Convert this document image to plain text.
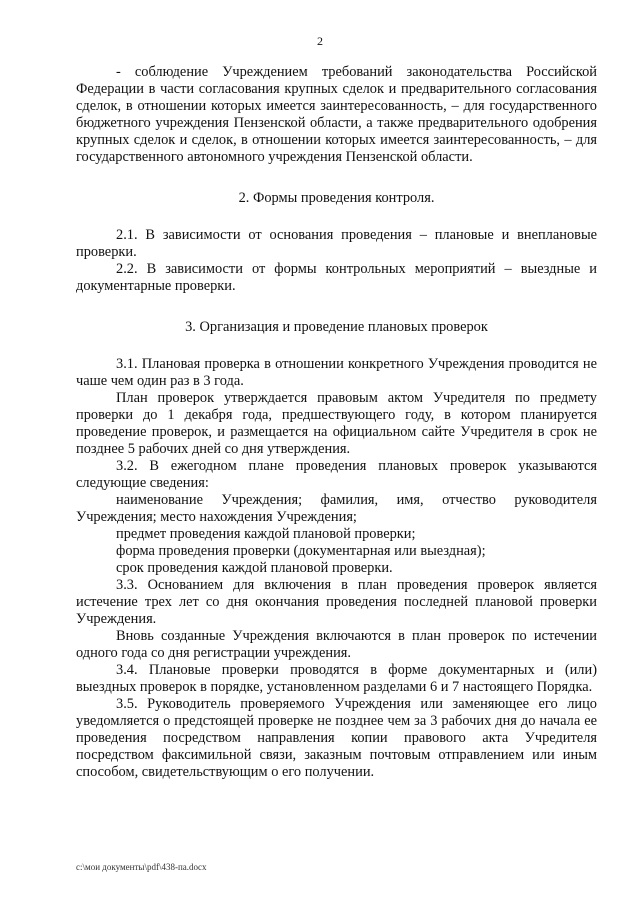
2

- соблюдение Учреждением требований законодательства Российской Федерации в части согласования крупных сделок и предварительного согласования сделок, в отношении которых имеется заинтересованность, – для государственного бюджетного учреждения Пензенской области, а также предварительного одобрения крупных сделок и сделок, в отношении которых имеется заинтересованность, – для государственного автономного учреждения Пензенской области.

2. Формы проведения контроля.

2.1. В зависимости от основания проведения – плановые и внеплановые проверки.

2.2. В зависимости от формы контрольных мероприятий – выездные и документарные проверки.

3. Организация и проведение плановых проверок

3.1. Плановая проверка в отношении конкретного Учреждения проводится не чаше чем один раз в 3 года.

План проверок утверждается правовым актом Учредителя по предмету проверки до 1 декабря года, предшествующего году, в котором планируется проведение проверок, и размещается на официальном сайте Учредителя в срок не позднее 5 рабочих дней со дня утверждения.

3.2. В ежегодном плане проведения плановых проверок указываются следующие сведения:

наименование Учреждения; фамилия, имя, отчество руководителя Учреждения; место нахождения Учреждения;

предмет проведения каждой плановой проверки;

форма проведения проверки (документарная или выездная);

срок проведения каждой плановой проверки.

3.3. Основанием для включения в план проведения проверок является истечение трех лет со дня окончания проведения последней плановой проверки Учреждения.

Вновь созданные Учреждения включаются в план проверок по истечении одного года со дня регистрации учреждения.

3.4. Плановые проверки проводятся в форме документарных и (или) выездных проверок в порядке, установленном разделами 6 и 7 настоящего Порядка.

3.5. Руководитель проверяемого Учреждения или заменяющее его лицо уведомляется о предстоящей проверке не позднее чем за 3 рабочих дня до начала ее проведения посредством направления копии правового акта Учредителя посредством факсимильной связи, заказным почтовым отправлением или иным способом, свидетельствующим о его получении.

c:\мои документы\pdf\438-па.docx
